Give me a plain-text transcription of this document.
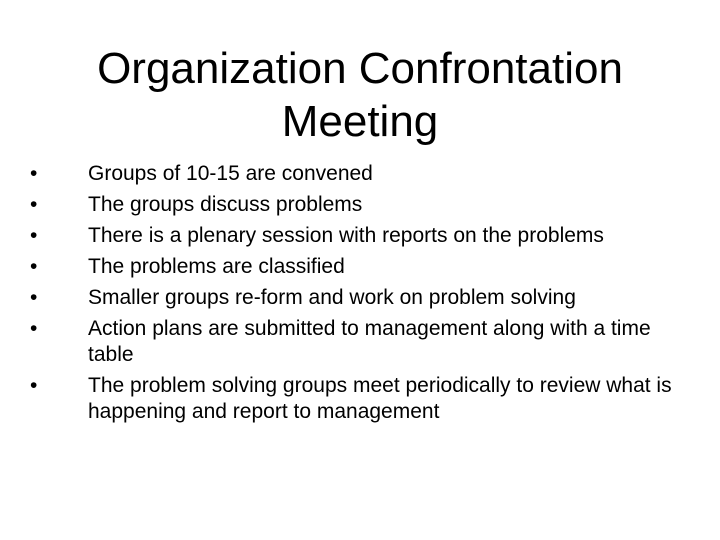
Organization Confrontation Meeting
•	Groups of 10-15 are convened
•	The groups discuss problems
•	There is a plenary session with reports on the problems
•	The problems are classified
•	Smaller groups re-form and work on problem solving
•	Action plans are submitted to management along with a time table
•	The problem solving groups meet periodically to review what is happening and report to management
